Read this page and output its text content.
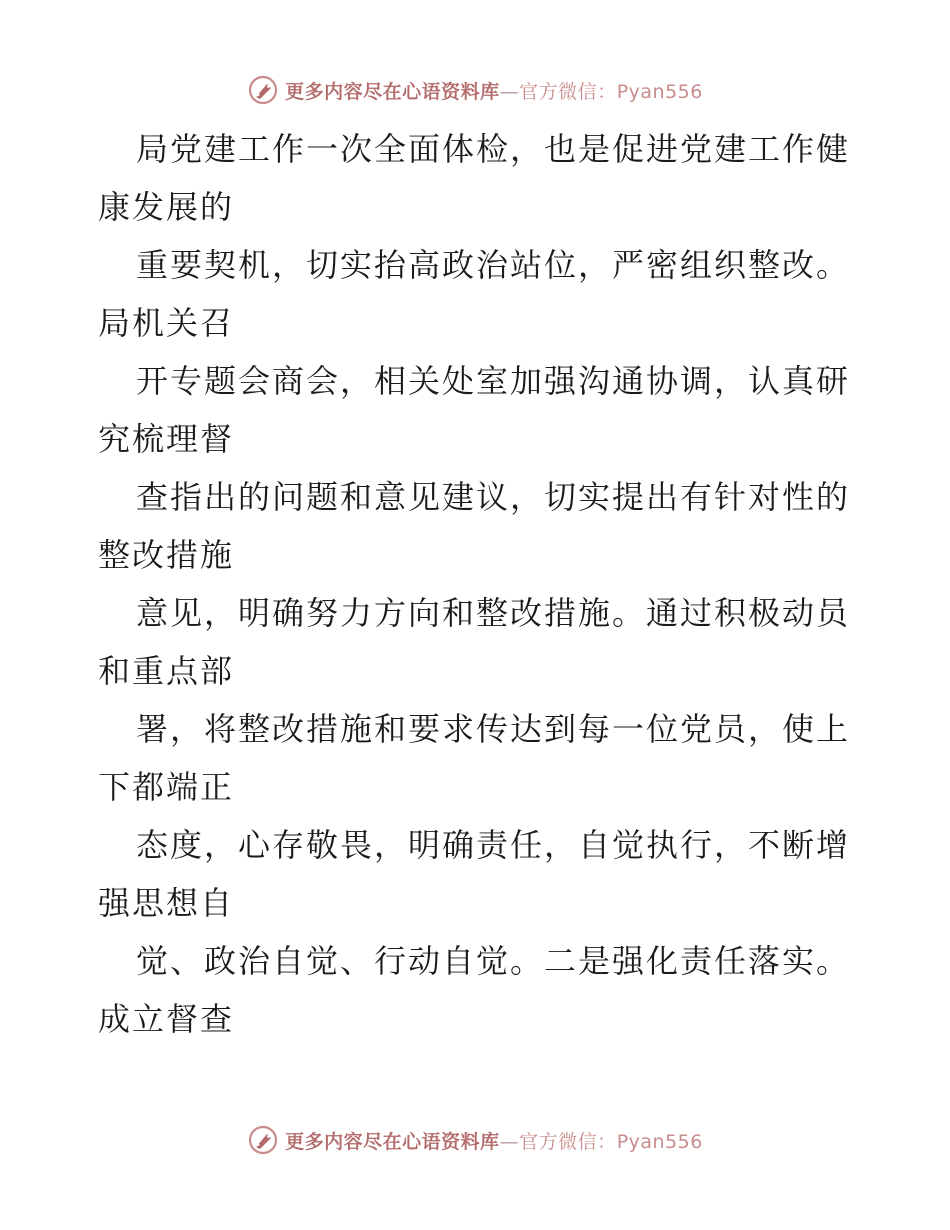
更多内容尽在心语资料库—官方微信：Pyan556

局党建工作一次全面体检，也是促进党建工作健
康发展的

重要契机，切实抬高政治站位，严密组织整改。
局机关召

开专题会商会，相关处室加强沟通协调，认真研
究梳理督

查指出的问题和意见建议，切实提出有针对性的
整改措施

意见，明确努力方向和整改措施。通过积极动员
和重点部

署，将整改措施和要求传达到每一位党员，使上
下都端正

态度，心存敬畏，明确责任，自觉执行，不断增
强思想自

觉、政治自觉、行动自觉。二是强化责任落实。
成立督查

更多内容尽在心语资料库—官方微信：Pyan556
